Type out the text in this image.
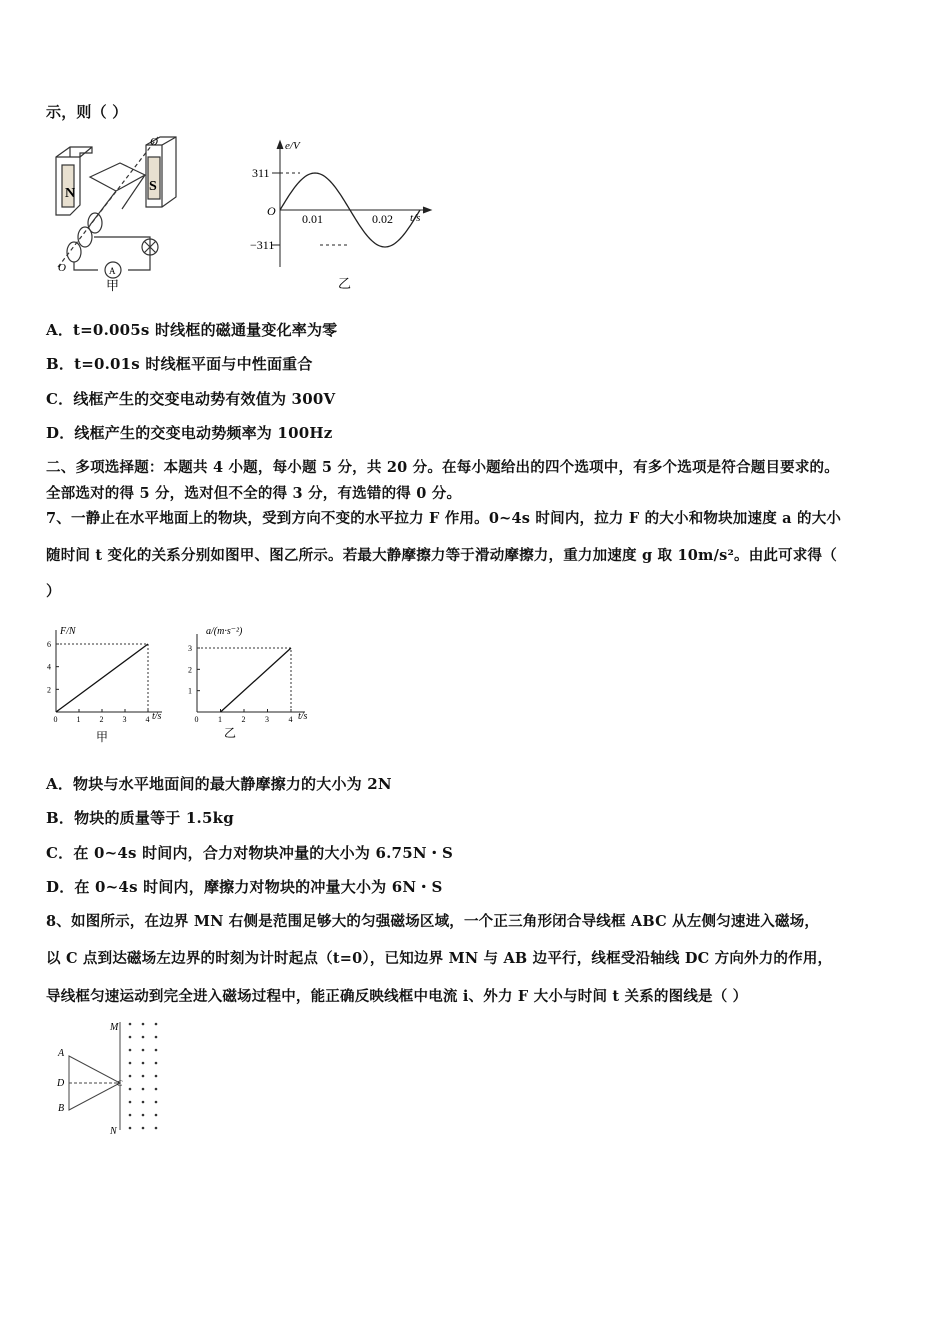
示，则（ ）
N	S
O
O	A
甲
e/V
t/s
311
−311
O
0.01	0.02
乙
A．t=0.005s 时线框的磁通量变化率为零
B．t=0.01s 时线框平面与中性面重合
C．线框产生的交变电动势有效值为 300V
D．线框产生的交变电动势频率为 100Hz
二、多项选择题：本题共 4 小题，每小题 5 分，共 20 分。在每小题给出的四个选项中，有多个选项是符合题目要求的。
全部选对的得 5 分，选对但不全的得 3 分，有选错的得 0 分。
7、一静止在水平地面上的物块，受到方向不变的水平拉力 F 作用。0~4s 时间内，拉力 F 的大小和物块加速度 a 的大小
随时间 t 变化的关系分别如图甲、图乙所示。若最大静摩擦力等于滑动摩擦力，重力加速度 g 取 10m/s²。由此可求得（
）
0 1 2 3 4
2
4
6
F/N
t/s
甲
0 1 2 3 4
1
2
3
a/(m·s⁻²)
t/s
乙
A．物块与水平地面间的最大静摩擦力的大小为 2N
B．物块的质量等于 1.5kg
C．在 0~4s 时间内，合力对物块冲量的大小为 6.75N・S
D．在 0~4s 时间内，摩擦力对物块的冲量大小为 6N・S
8、如图所示，在边界 MN 右侧是范围足够大的匀强磁场区域，一个正三角形闭合导线框 ABC 从左侧匀速进入磁场，
以 C 点到达磁场左边界的时刻为计时起点（t=0），已知边界 MN 与 AB 边平行，线框受沿轴线 DC 方向外力的作用，
导线框匀速运动到完全进入磁场过程中，能正确反映线框中电流 i、外力 F 大小与时间 t 关系的图线是（ ）
A
B
C
D
M
N
